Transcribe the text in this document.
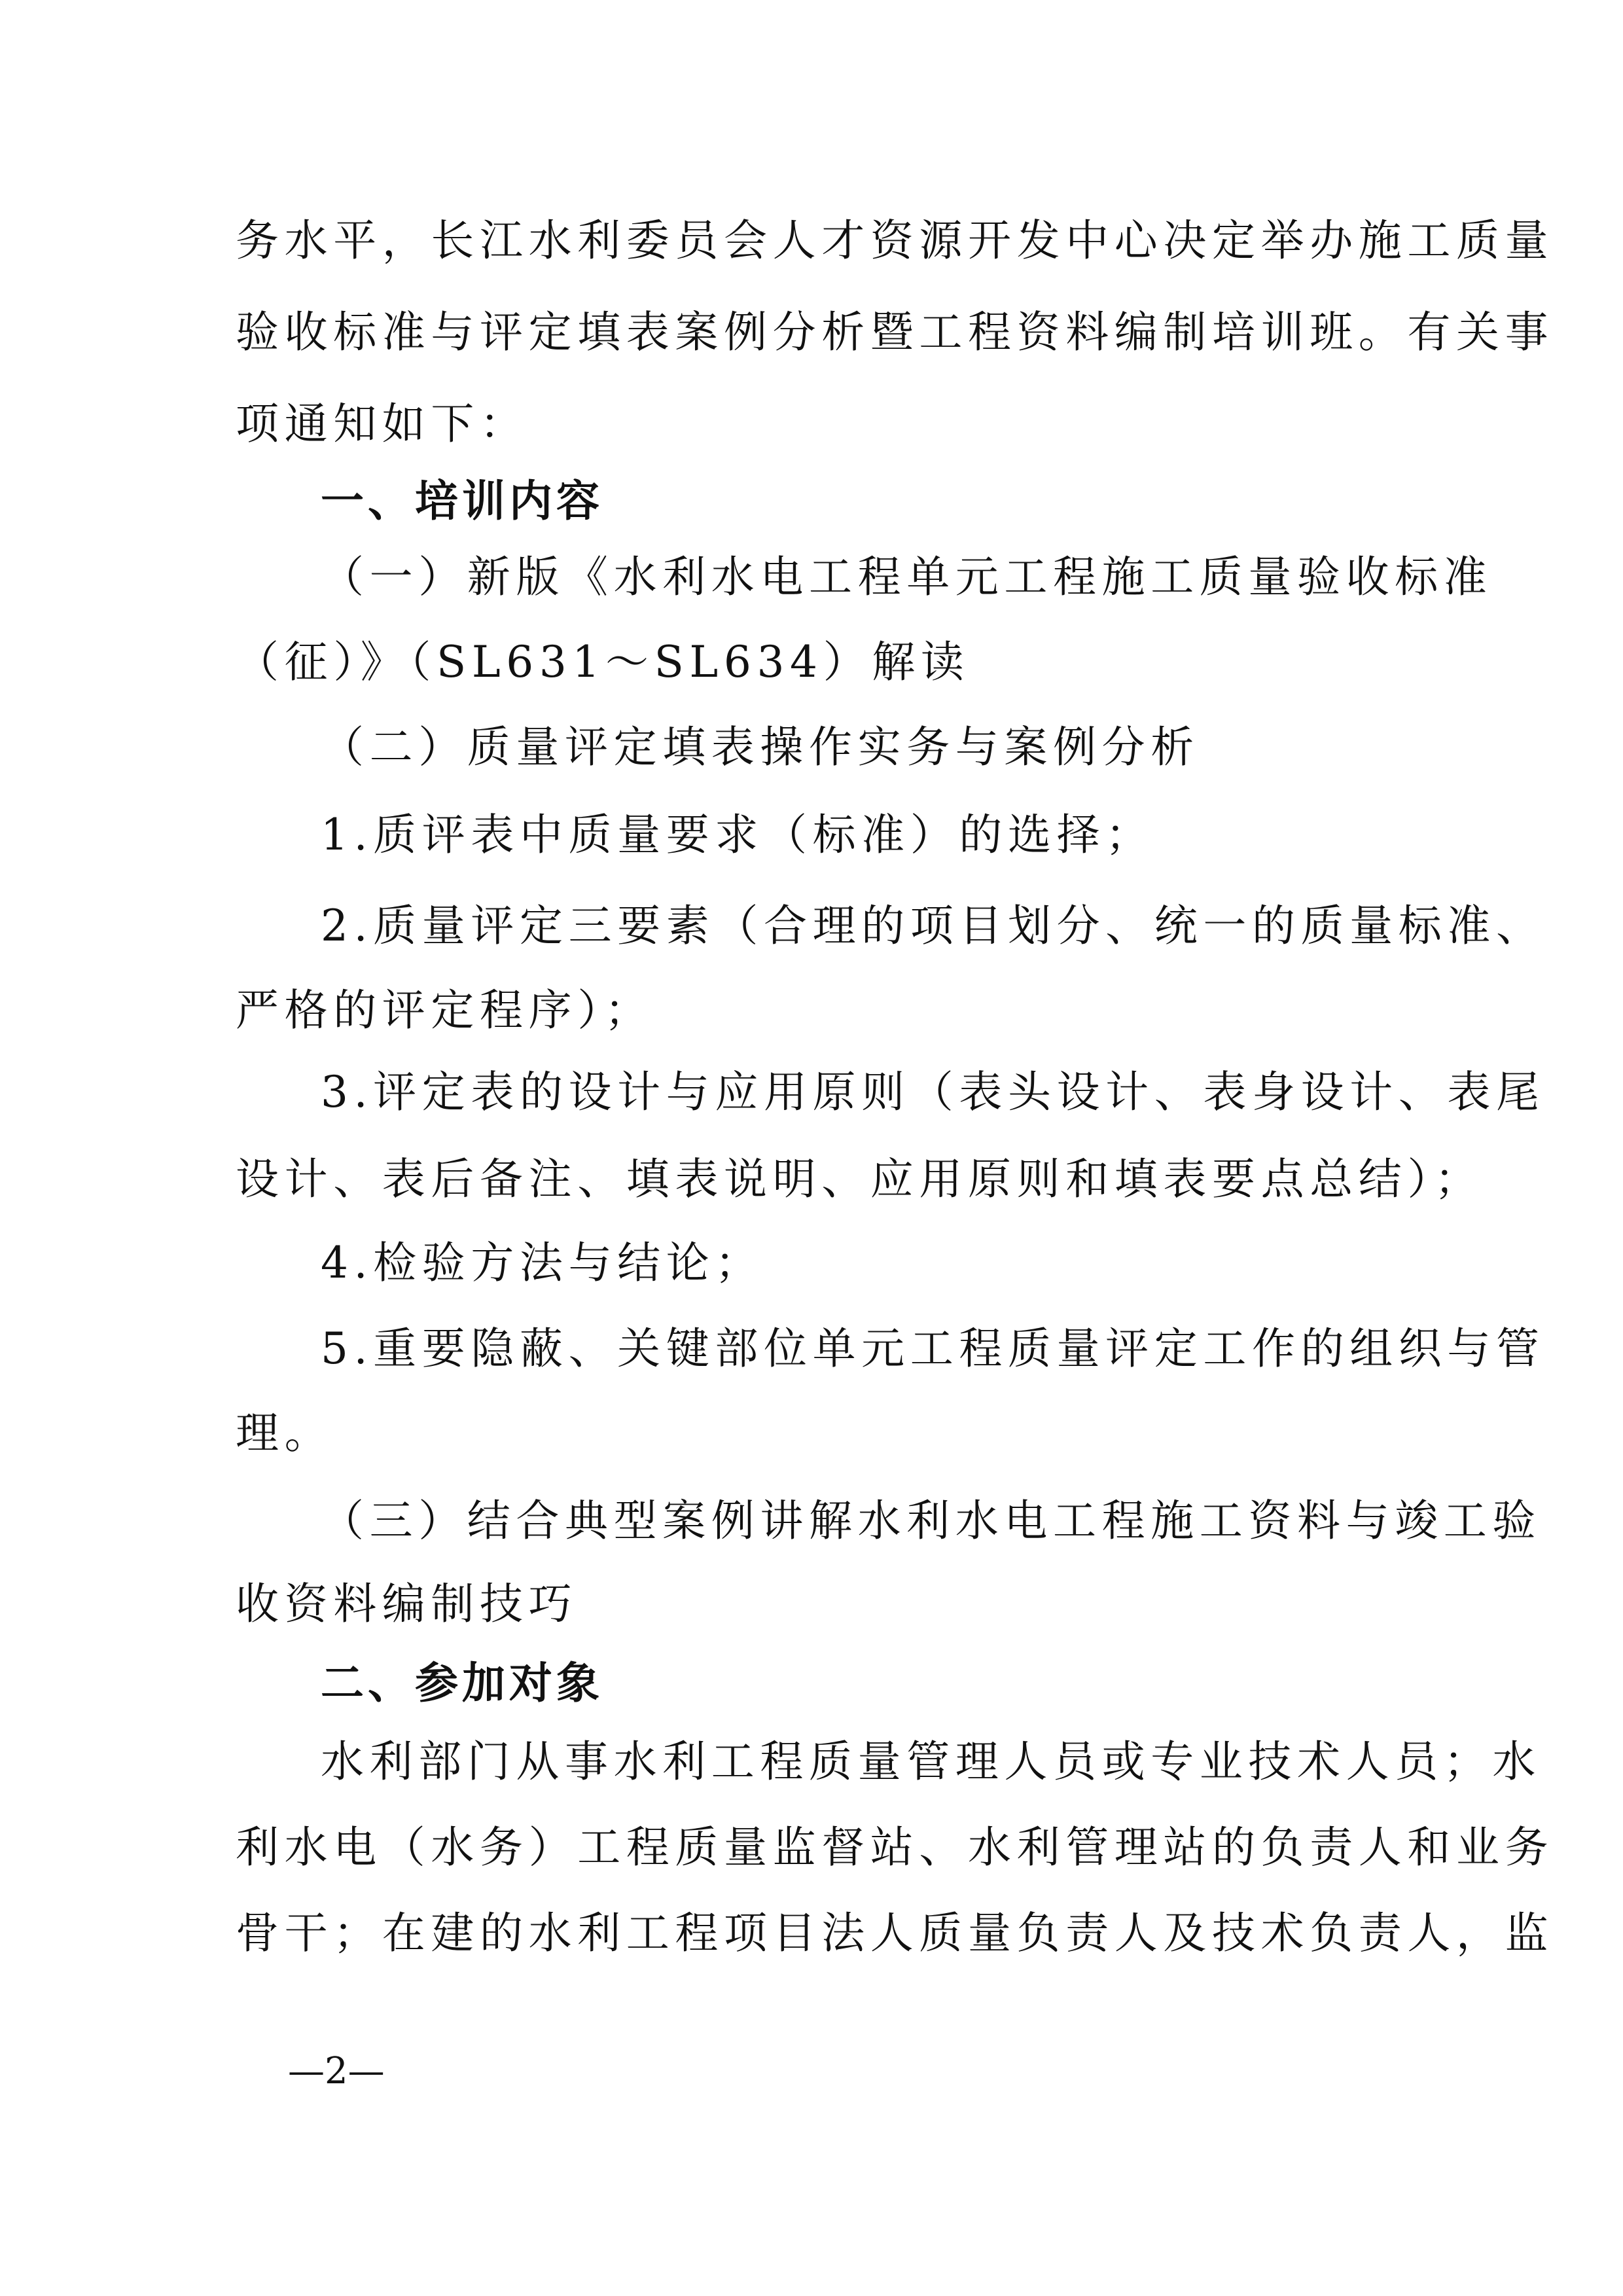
务水平，长江水利委员会人才资源开发中心决定举办施工质量
验收标准与评定填表案例分析暨工程资料编制培训班。有关事
项通知如下：
一、培训内容
（一）新版《水利水电工程单元工程施工质量验收标准
（征）》（SL631～SL634）解读
（二）质量评定填表操作实务与案例分析
1.质评表中质量要求（标准）的选择；
2.质量评定三要素（合理的项目划分、统一的质量标准、
严格的评定程序）；
3.评定表的设计与应用原则（表头设计、表身设计、表尾
设计、表后备注、填表说明、应用原则和填表要点总结）；
4.检验方法与结论；
5.重要隐蔽、关键部位单元工程质量评定工作的组织与管
理。
（三）结合典型案例讲解水利水电工程施工资料与竣工验
收资料编制技巧
二、参加对象
水利部门从事水利工程质量管理人员或专业技术人员；水
利水电（水务）工程质量监督站、水利管理站的负责人和业务
骨干；在建的水利工程项目法人质量负责人及技术负责人，监
—2—
